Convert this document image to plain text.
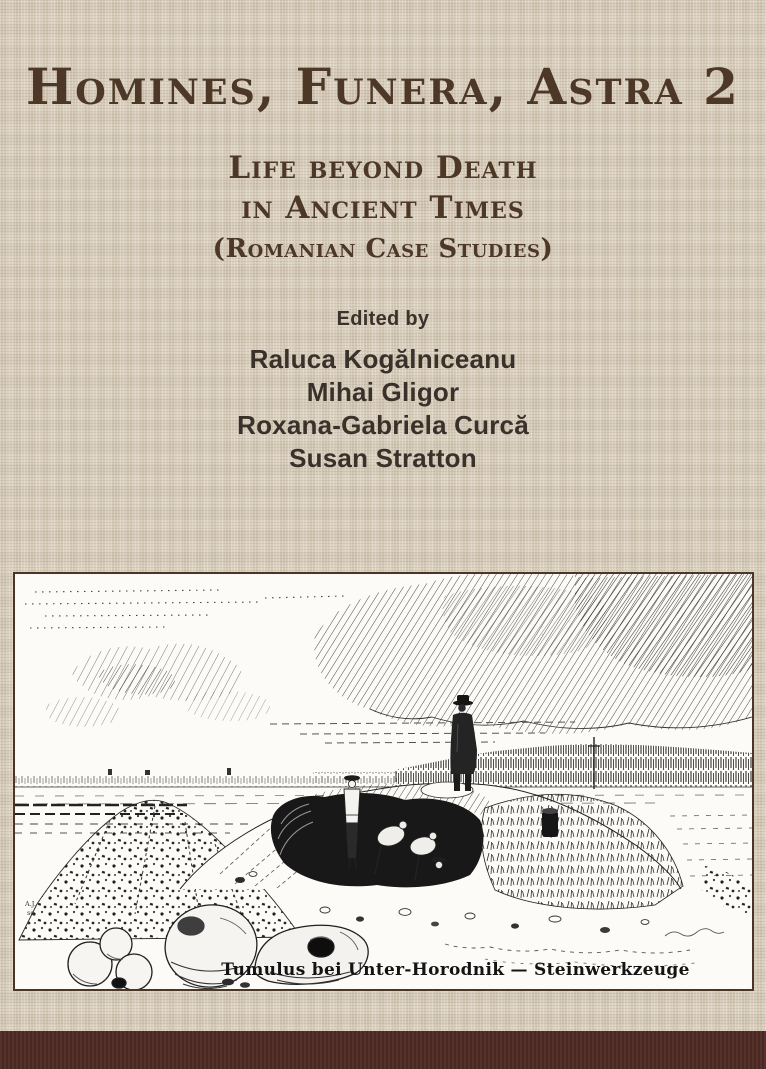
Homines, Funera, Astra 2
Life beyond Death
in Ancient Times
(Romanian Case Studies)
Edited by
Raluca Kogălniceanu
Mihai Gligor
Roxana-Gabriela Curcă
Susan Stratton
A.J. sc.
Tumulus bei Unter-Horodnik — Steinwerkzeuge
